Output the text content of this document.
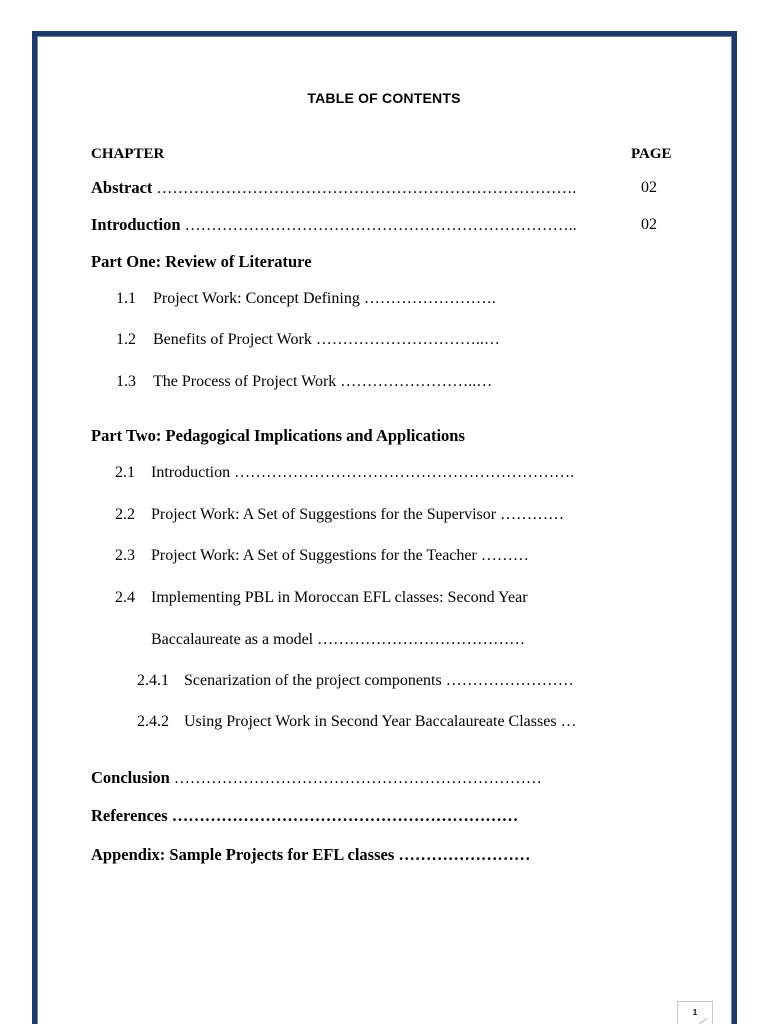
TABLE OF CONTENTS
CHAPTER	PAGE
Abstract …………………………………………………………………….	02
Introduction ………………………………………………………………..	02
Part One: Review of Literature
1.1 Project Work: Concept Defining …………………….
1.2 Benefits of Project Work …………………………..…
1.3 The Process of Project Work ……………………..…
Part Two: Pedagogical Implications and Applications
2.1 Introduction ……………………………………………………….
2.2 Project Work: A Set of Suggestions for the Supervisor …………
2.3 Project Work: A Set of Suggestions for the Teacher ………
2.4 Implementing PBL in Moroccan EFL classes: Second Year
Baccalaureate as a model …………………………………
2.4.1 Scenarization of the project components ……………………
2.4.2 Using Project Work in Second Year Baccalaureate Classes …
Conclusion ……………………………………………………………
References ………………………………………………………
Appendix: Sample Projects for EFL classes ……………………
1
